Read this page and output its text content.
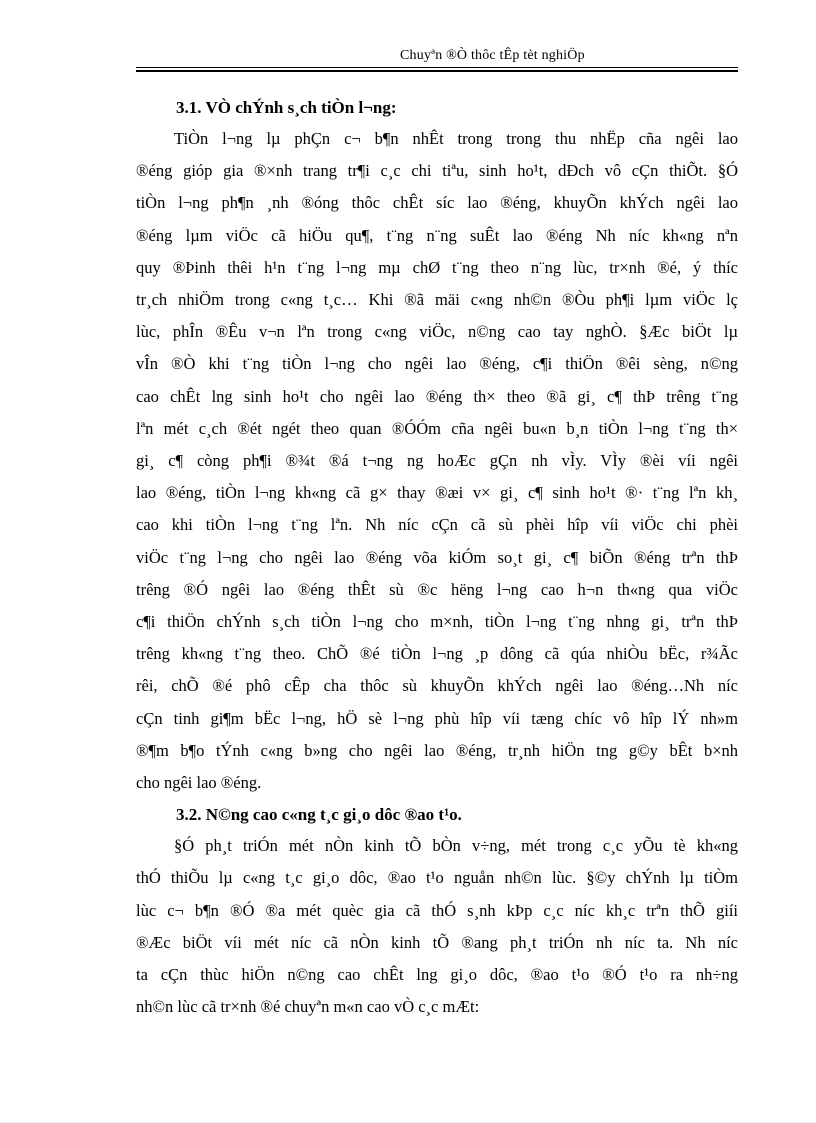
Chuyªn ®Ò thôc tÊp tèt nghiÖp
3.1. VÒ chÝnh s¸ch tiÒn l¬ng:
TiÒn l¬ng lµ phÇn c¬ b¶n nhÊt trong trong thu nhËp cña ngêi lao
®éng gióp gia ®×nh trang tr¶i c¸c chi tiªu, sinh ho¹t, dÐch vô cÇn thiÕt. §Ó
tiÒn l¬ng ph¶n ¸nh ®óng thôc chÊt síc lao ®éng, khuyÕn khÝch ngêi lao
®éng lµm viÖc cã hiÖu qu¶, t¨ng n¨ng suÊt lao ®éng Nh níc kh«ng nªn
quy ®Þinh thêi h¹n t¨ng l¬ng mµ chØ t¨ng theo n¨ng lùc, tr×nh ®é, ý thíc
tr¸ch nhiÖm trong c«ng t¸c… Khi ®ã mäi c«ng nh©n ®Òu ph¶i lµm viÖc lç
lùc, phÎn ®Êu v¬n lªn trong c«ng viÖc, n©ng cao tay nghÒ. §Æc biÖt lµ
vÎn ®Ò khi t¨ng tiÒn l¬ng cho ngêi lao ®éng, c¶i thiÖn ®êi sèng, n©ng
cao chÊt lng sinh ho¹t cho ngêi lao ®éng th× theo ®ã gi¸ c¶ thÞ trêng t¨ng
lªn mét c¸ch ®ét ngét theo quan ®ÓÓm cña ngêi bu«n b¸n tiÒn l¬ng t¨ng th×
gi¸ c¶ còng ph¶i ®¾t ®á t¬ng ng hoÆc gÇn nh vÌy. VÌy ®èi víi ngêi
lao ®éng, tiÒn l¬ng kh«ng cã g× thay ®æi v× gi¸ c¶ sinh ho¹t ®· t¨ng lªn kh¸
cao khi tiÒn l¬ng t¨ng lªn. Nh níc cÇn cã sù phèi hîp víi viÖc chi phèi
viÖc t¨ng l¬ng cho ngêi lao ®éng võa kiÓm so¸t gi¸ c¶ biÕn ®éng trªn thÞ
trêng ®Ó ngêi lao ®éng thÊt sù ®c hëng l¬ng cao h¬n th«ng qua viÖc
c¶i thiÖn chÝnh s¸ch tiÒn l¬ng cho m×nh, tiÒn l¬ng t¨ng nhng gi¸ trªn thÞ
trêng kh«ng t¨ng theo. ChÕ ®é tiÒn l¬ng ¸p dông cã qúa nhiÒu bËc, r¾Ãc
rêi, chÕ ®é phô cÊp cha thôc sù khuyÕn khÝch ngêi lao ®éng…Nh níc
cÇn tinh gi¶m bËc l¬ng, hÖ sè l¬ng phù hîp víi tæng chíc vô hîp lÝ nh»m
®¶m b¶o tÝnh c«ng b»ng cho ngêi lao ®éng, tr¸nh hiÖn tng g©y bÊt b×nh
cho ngêi lao ®éng.
3.2. N©ng cao c«ng t¸c gi¸o dôc ®ao t¹o.
§Ó ph¸t triÓn mét nÒn kinh tÕ bÒn v÷ng, mét trong c¸c yÕu tè kh«ng
thÓ thiÕu lµ c«ng t¸c gi¸o dôc, ®ao t¹o nguån nh©n lùc. §©y chÝnh lµ tiÒm
lùc c¬ b¶n ®Ó ®a mét quèc gia cã thÓ s¸nh kÞp c¸c níc kh¸c trªn thÕ giíi
®Æc biÖt víi mét níc cã nÒn kinh tÕ ®ang ph¸t triÓn nh níc ta. Nh níc
ta cÇn thùc hiÖn n©ng cao chÊt lng gi¸o dôc, ®ao t¹o ®Ó t¹o ra nh÷ng
nh©n lùc cã tr×nh ®é chuyªn m«n cao vÒ c¸c mÆt:
